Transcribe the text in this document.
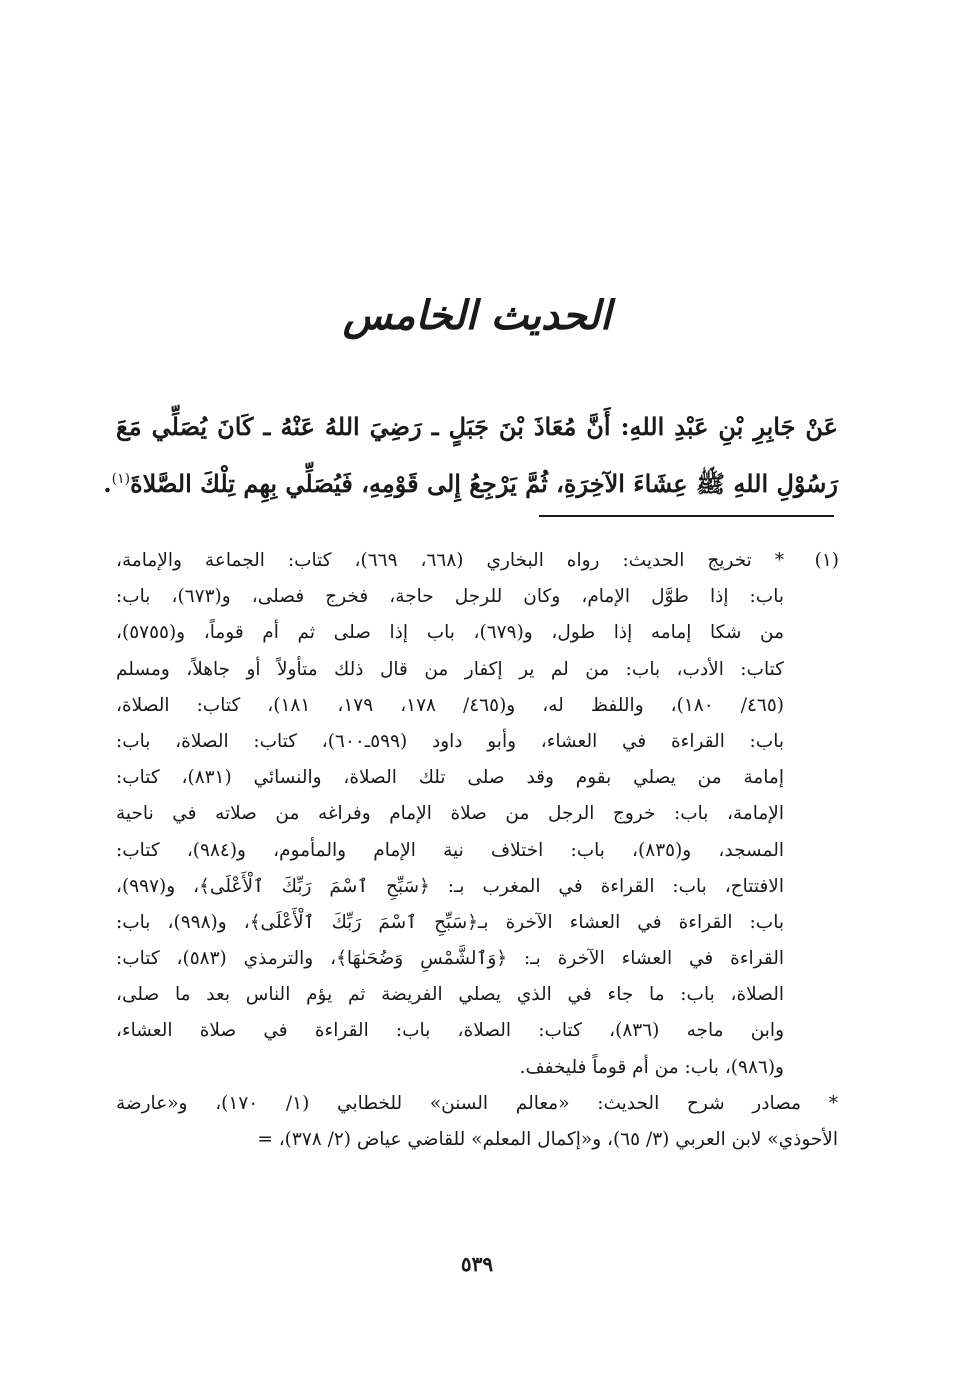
الحديث الخامس
عَنْ جَابِرِ بْنِ عَبْدِ اللهِ: أَنَّ مُعَاذَ بْنَ جَبَلٍ ـ رَضِيَ اللهُ عَنْهُ ـ كَانَ يُصَلِّي مَعَ
رَسُوْلِ اللهِ ﷺ عِشَاءَ الآخِرَةِ، ثُمَّ يَرْجِعُ إِلى قَوْمِهِ، فَيُصَلِّي بِهِم تِلْكَ الصَّلاةَ$^{(١)}$.
(١)
* تخريج الحديث: رواه البخاري (٦٦٨، ٦٦٩)، كتاب: الجماعة والإمامة،
باب: إذا طوَّل الإمام، وكان للرجل حاجة، فخرج فصلى، و(٦٧٣)، باب:
من شكا إمامه إذا طول، و(٦٧٩)، باب إذا صلى ثم أم قوماً، و(٥٧٥٥)،
كتاب: الأدب، باب: من لم ير إكفار من قال ذلك متأولاً أو جاهلاً، ومسلم
(٤٦٥/ ١٨٠)، واللفظ له، و(٤٦٥/ ١٧٨، ١٧٩، ١٨١)، كتاب: الصلاة،
باب: القراءة في العشاء، وأبو داود (٥٩٩ـ٦٠٠)، كتاب: الصلاة، باب:
إمامة من يصلي بقوم وقد صلى تلك الصلاة، والنسائي (٨٣١)، كتاب:
الإمامة، باب: خروج الرجل من صلاة الإمام وفراغه من صلاته في ناحية
المسجد، و(٨٣٥)، باب: اختلاف نية الإمام والمأموم، و(٩٨٤)، كتاب:
الافتتاح، باب: القراءة في المغرب بـ: ﴿سَبِّحِ ٱسْمَ رَبِّكَ ٱلْأَعْلَى﴾، و(٩٩٧)،
باب: القراءة في العشاء الآخرة بـ﴿سَبِّحِ ٱسْمَ رَبِّكَ ٱلْأَعْلَى﴾، و(٩٩٨)، باب:
القراءة في العشاء الآخرة بـ: ﴿وَٱلشَّمْسِ وَضُحَىٰهَا﴾، والترمذي (٥٨٣)، كتاب:
الصلاة، باب: ما جاء في الذي يصلي الفريضة ثم يؤم الناس بعد ما صلى،
وابن ماجه (٨٣٦)، كتاب: الصلاة، باب: القراءة في صلاة العشاء،
و(٩٨٦)، باب: من أم قوماً فليخفف.
* مصادر شرح الحديث: «معالم السنن» للخطابي (١/ ١٧٠)، و«عارضة
الأحوذي» لابن العربي (٣/ ٦٥)، و«إكمال المعلم» للقاضي عياض (٢/ ٣٧٨)، =
٥٣٩
